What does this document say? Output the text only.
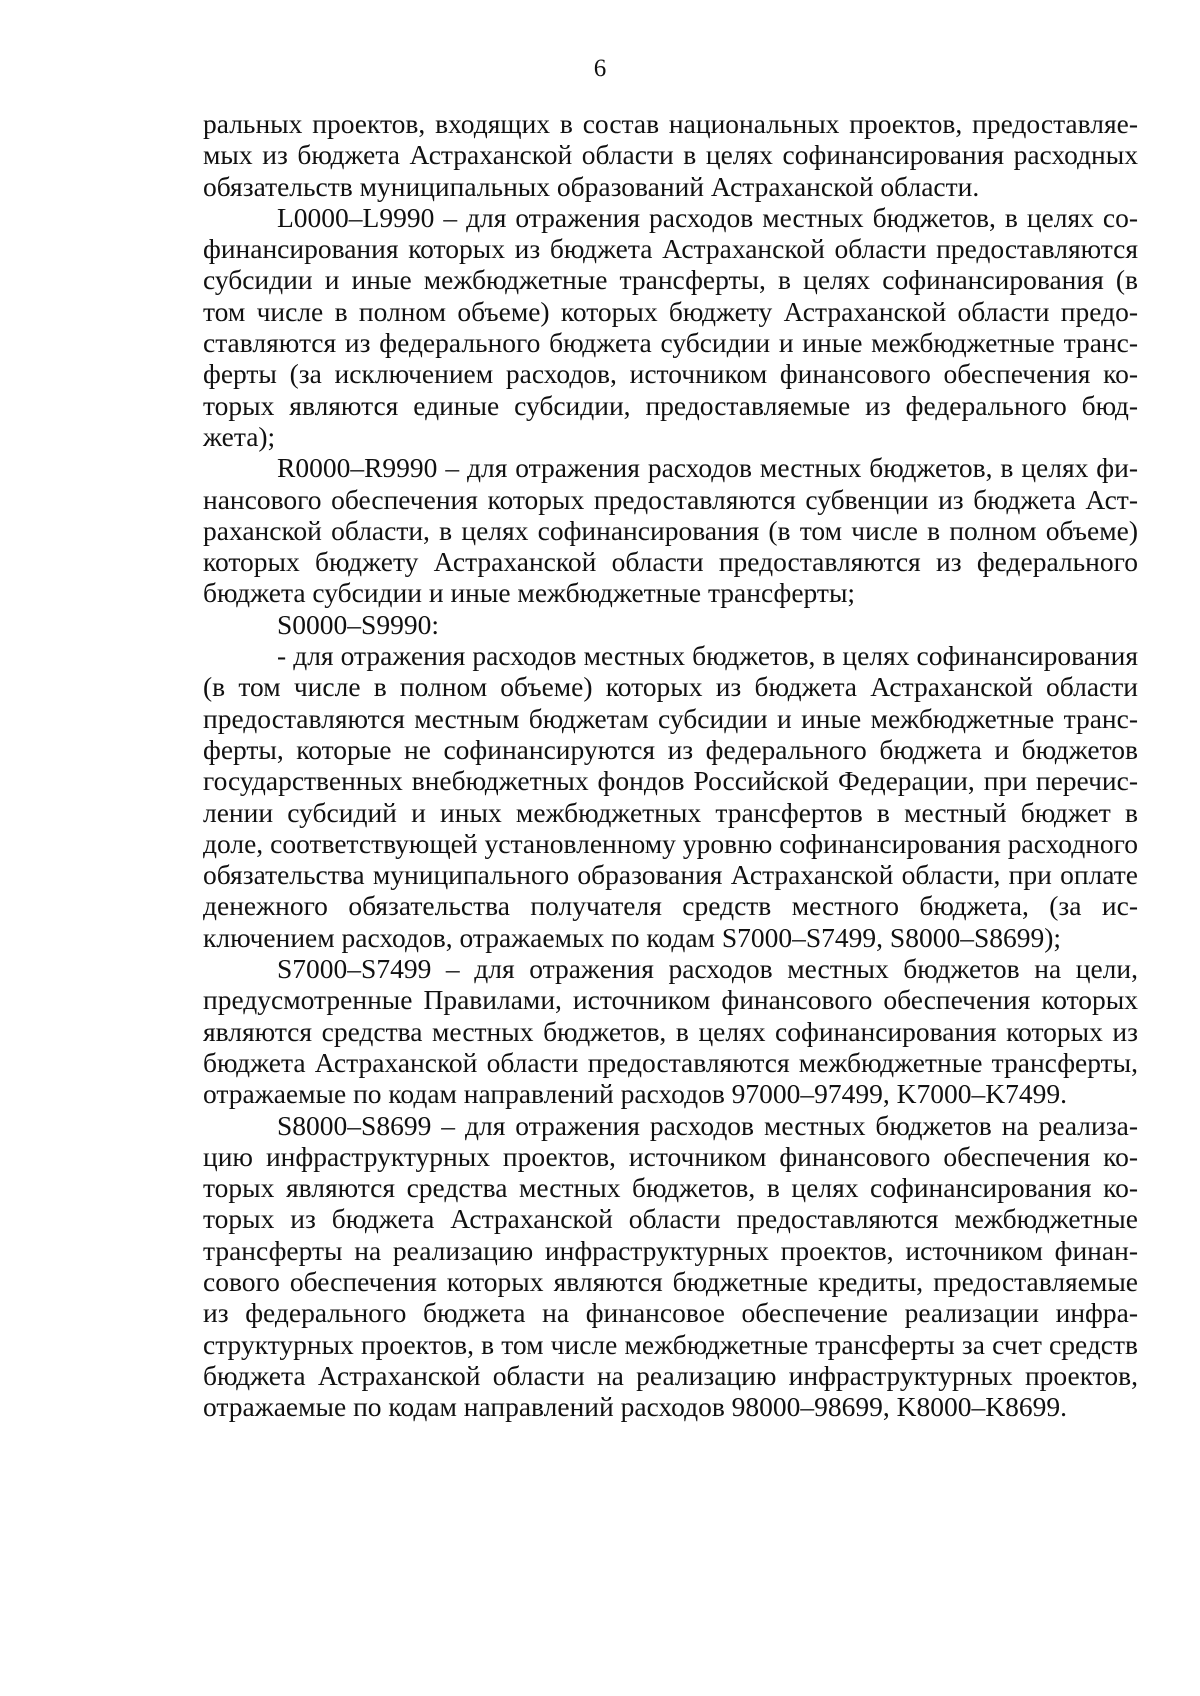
6

ральных проектов, входящих в состав национальных проектов, предоставляемых из бюджета Астраханской области в целях софинансирования расходных обязательств муниципальных образований Астраханской области.

L0000–L9990 – для отражения расходов местных бюджетов, в целях софинансирования которых из бюджета Астраханской области предоставляются субсидии и иные межбюджетные трансферты, в целях софинансирования (в том числе в полном объеме) которых бюджету Астраханской области предоставляются из федерального бюджета субсидии и иные межбюджетные трансферты (за исключением расходов, источником финансового обеспечения которых являются единые субсидии, предоставляемые из федерального бюджета);

R0000–R9990 – для отражения расходов местных бюджетов, в целях финансового обеспечения которых предоставляются субвенции из бюджета Астраханской области, в целях софинансирования (в том числе в полном объеме) которых бюджету Астраханской области предоставляются из федерального бюджета субсидии и иные межбюджетные трансферты;

S0000–S9990:

- для отражения расходов местных бюджетов, в целях софинансирования (в том числе в полном объеме) которых из бюджета Астраханской области предоставляются местным бюджетам субсидии и иные межбюджетные трансферты, которые не софинансируются из федерального бюджета и бюджетов государственных внебюджетных фондов Российской Федерации, при перечислении субсидий и иных межбюджетных трансфертов в местный бюджет в доле, соответствующей установленному уровню софинансирования расходного обязательства муниципального образования Астраханской области, при оплате денежного обязательства получателя средств местного бюджета, (за исключением расходов, отражаемых по кодам S7000–S7499, S8000–S8699);

S7000–S7499 – для отражения расходов местных бюджетов на цели, предусмотренные Правилами, источником финансового обеспечения которых являются средства местных бюджетов, в целях софинансирования которых из бюджета Астраханской области предоставляются межбюджетные трансферты, отражаемые по кодам направлений расходов 97000–97499, K7000–K7499.

S8000–S8699 – для отражения расходов местных бюджетов на реализацию инфраструктурных проектов, источником финансового обеспечения которых являются средства местных бюджетов, в целях софинансирования которых из бюджета Астраханской области предоставляются межбюджетные трансферты на реализацию инфраструктурных проектов, источником финансового обеспечения которых являются бюджетные кредиты, предоставляемые из федерального бюджета на финансовое обеспечение реализации инфраструктурных проектов, в том числе межбюджетные трансферты за счет средств бюджета Астраханской области на реализацию инфраструктурных проектов, отражаемые по кодам направлений расходов 98000–98699, K8000–K8699.
